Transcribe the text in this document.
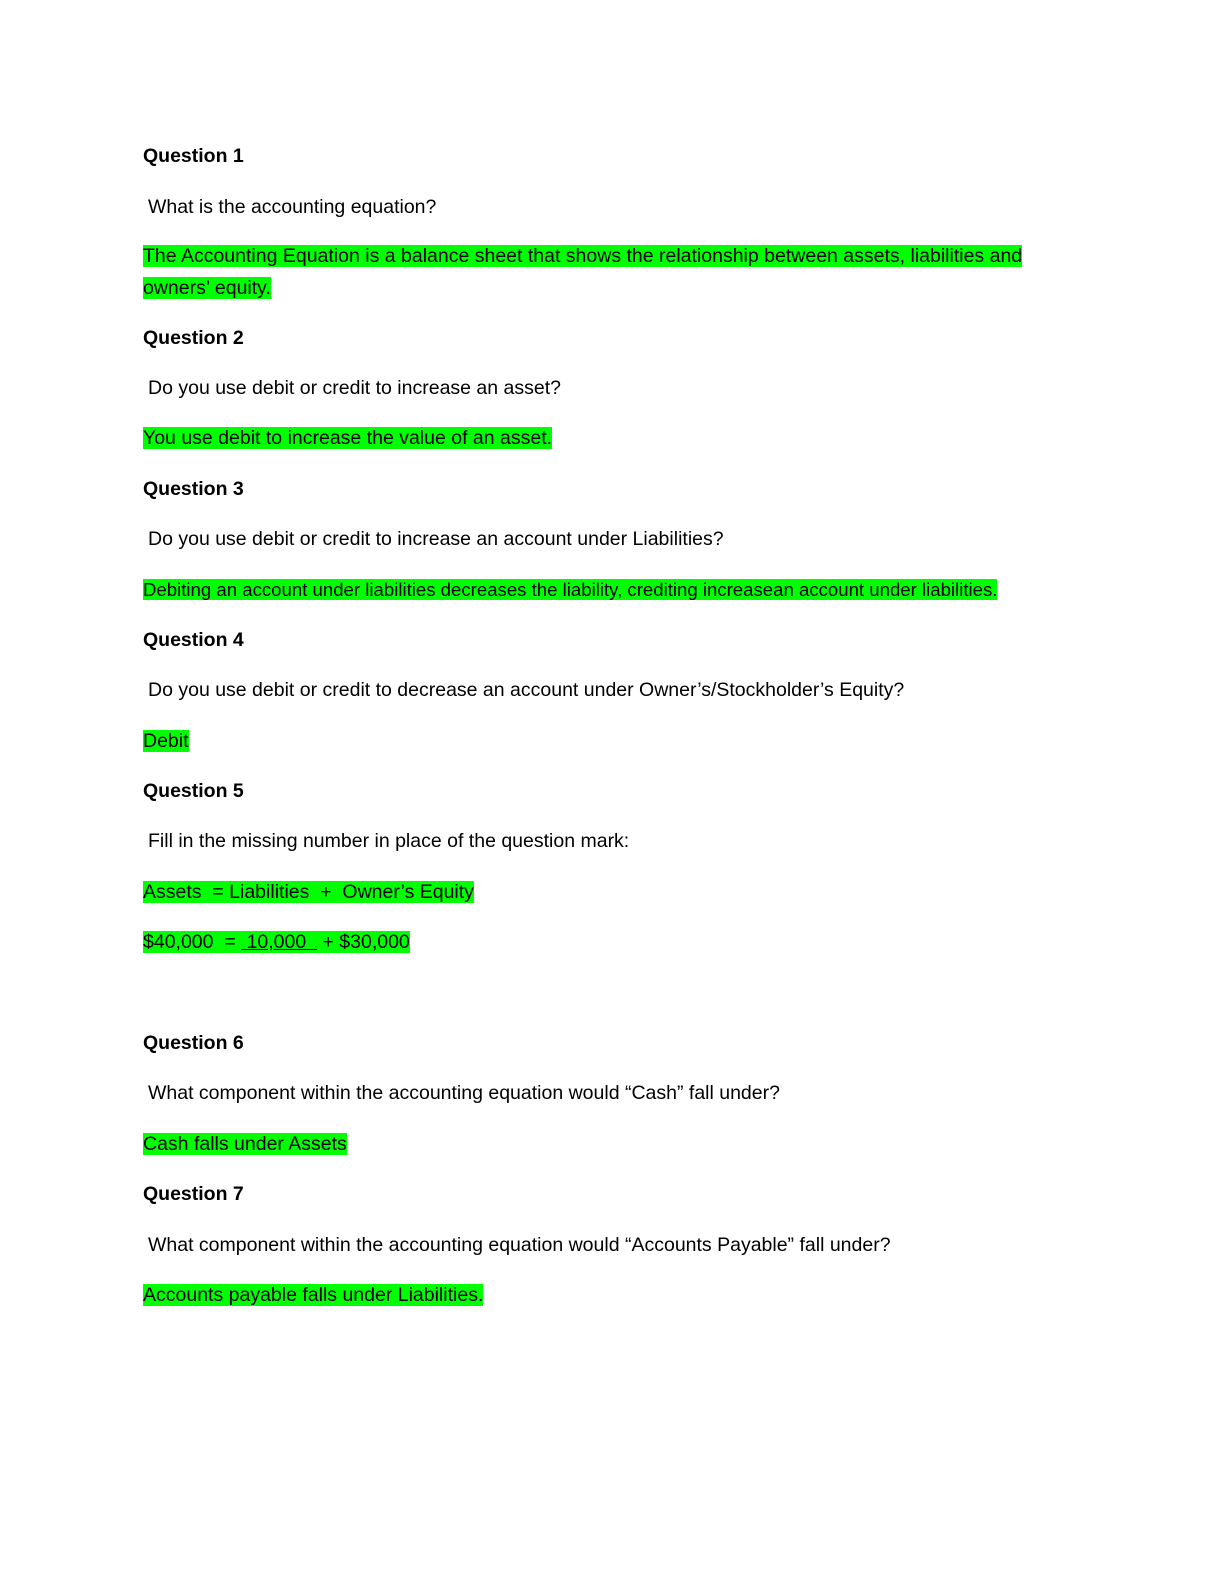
Question 1
What is the accounting equation?
The Accounting Equation is a balance sheet that shows the relationship between assets, liabilities and
owners’ equity.
Question 2
Do you use debit or credit to increase an asset?
You use debit to increase the value of an asset.
Question 3
Do you use debit or credit to increase an account under Liabilities?
Debiting an account under liabilities decreases the liability, crediting increasean account under liabilities.
Question 4
Do you use debit or credit to decrease an account under Owner’s/Stockholder’s Equity?
Debit
Question 5
Fill in the missing number in place of the question mark:
Assets  = Liabilities  +  Owner’s Equity
$40,000  =  10,000   + $30,000
Question 6
What component within the accounting equation would “Cash” fall under?
Cash falls under Assets
Question 7
What component within the accounting equation would “Accounts Payable” fall under?
Accounts payable falls under Liabilities.
